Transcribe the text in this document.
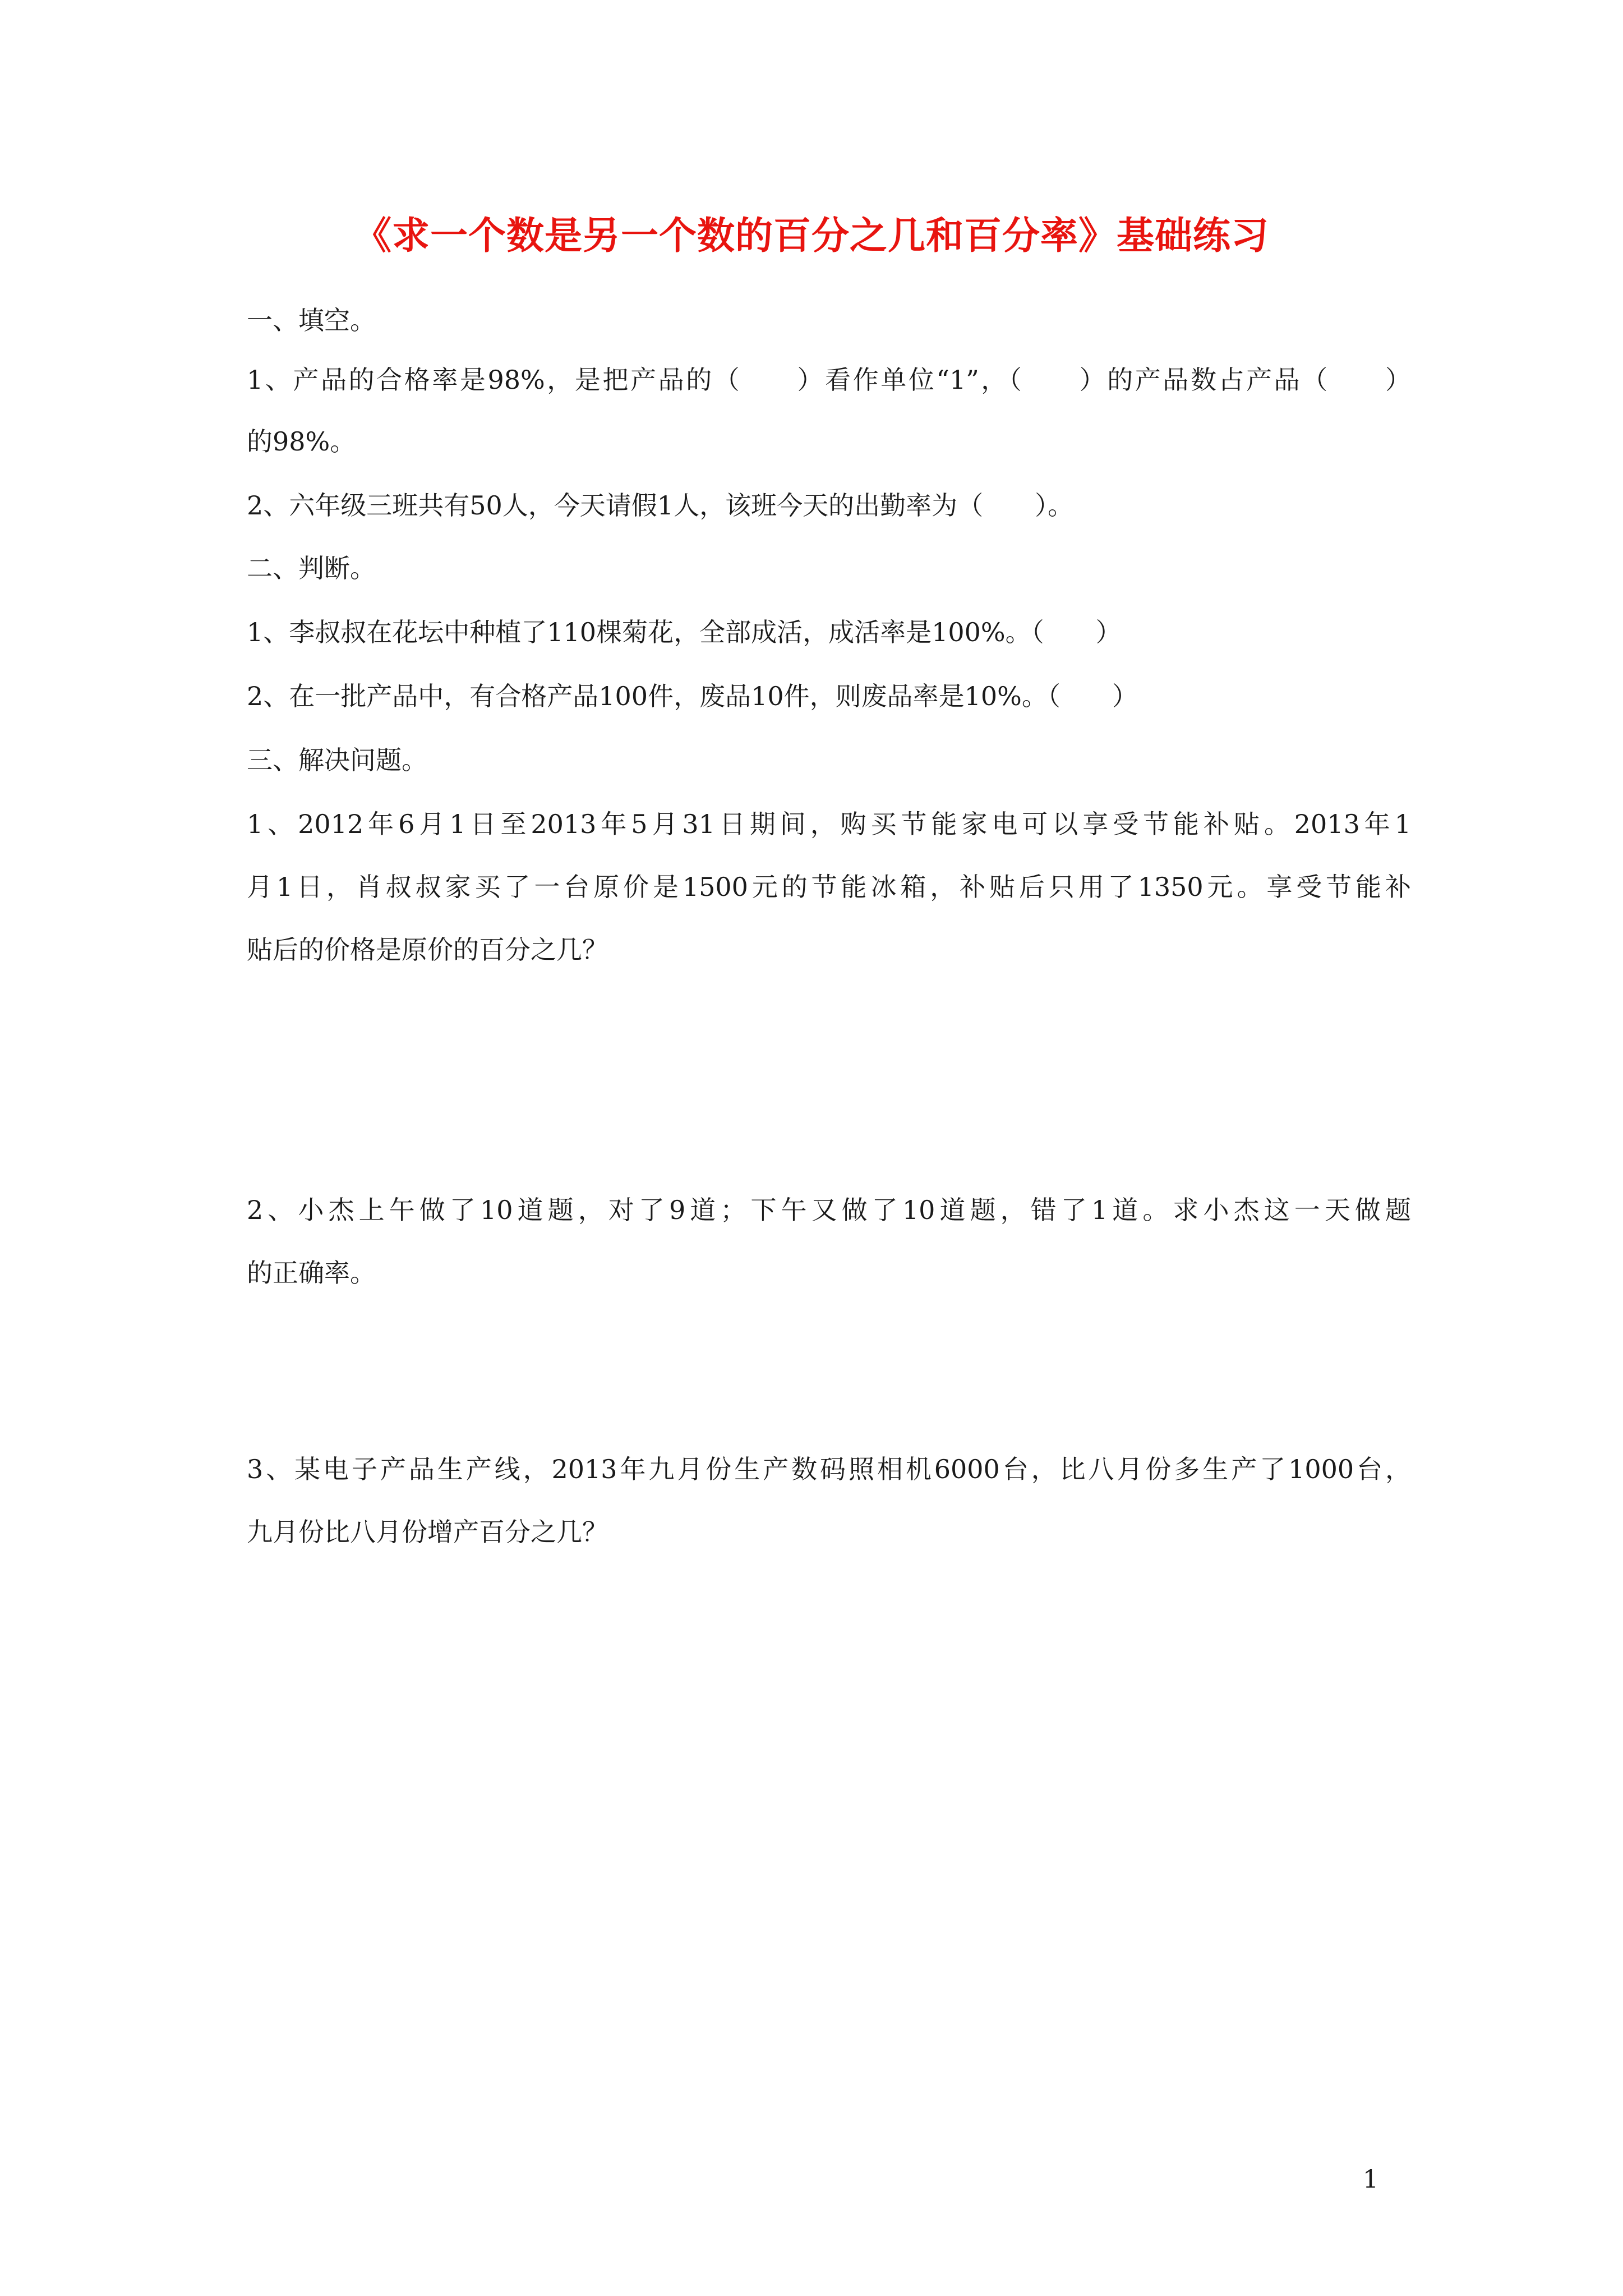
《求一个数是另一个数的百分之几和百分率》基础练习
一、填空。
1、产品的合格率是98%，是把产品的（　　）看作单位“1”，（　　）的产品数占产品（　　）
的98%。
2、六年级三班共有50人，今天请假1人，该班今天的出勤率为（　　）。
二、判断。
1、李叔叔在花坛中种植了110棵菊花，全部成活，成活率是100%。（　　）
2、在一批产品中，有合格产品100件，废品10件，则废品率是10%。（　　）
三、解决问题。
1、2012年6月1日至2013年5月31日期间，购买节能家电可以享受节能补贴。2013年1
月1日，肖叔叔家买了一台原价是1500元的节能冰箱，补贴后只用了1350元。享受节能补
贴后的价格是原价的百分之几？
2、小杰上午做了10道题，对了9道；下午又做了10道题，错了1道。求小杰这一天做题
的正确率。
3、某电子产品生产线，2013年九月份生产数码照相机6000台，比八月份多生产了1000台，
九月份比八月份增产百分之几？
1
